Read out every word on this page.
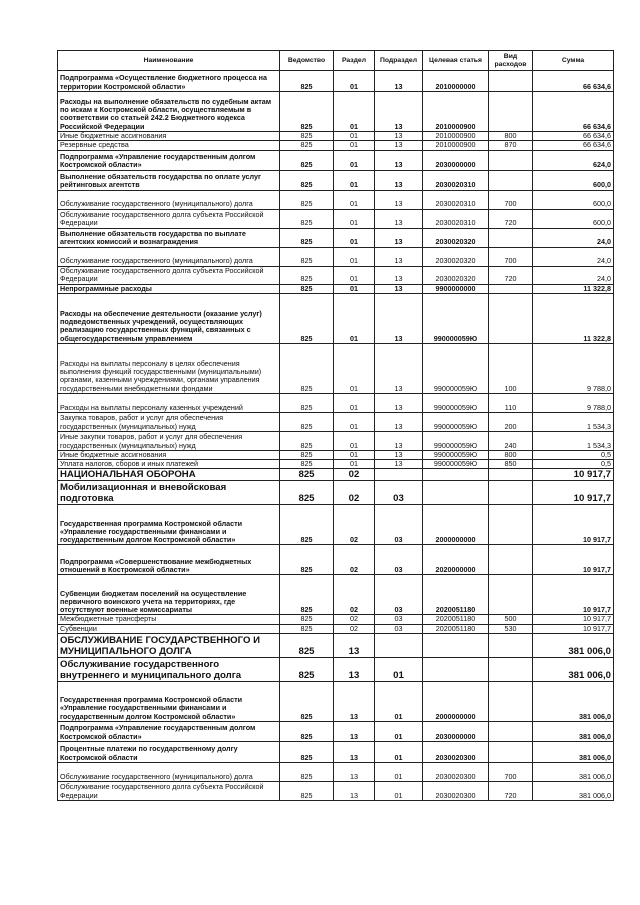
Наименование	Ведомство	Раздел	Подраздел	Целевая статья	Вид расходов	Сумма
Подпрограмма «Осуществление бюджетного процесса на территории Костромской области»	825	01	13	2010000000		66 634,6
Расходы на выполнение обязательств по судебным актам по искам к Костромской области, осуществляемым в соответствии со статьей 242.2 Бюджетного кодекса Российской Федерации	825	01	13	2010000900		66 634,6
Иные бюджетные ассигнования	825	01	13	2010000900	800	66 634,6
Резервные средства	825	01	13	2010000900	870	66 634,6
Подпрограмма «Управление государственным долгом Костромской области»	825	01	13	2030000000		624,0
Выполнение обязательств государства по оплате услуг рейтинговых агентств	825	01	13	2030020310		600,0
Обслуживание государственного (муниципального) долга	825	01	13	2030020310	700	600,0
Обслуживание государственного долга субъекта Российской Федерации	825	01	13	2030020310	720	600,0
Выполнение обязательств государства по выплате агентских комиссий и вознаграждения	825	01	13	2030020320		24,0
Обслуживание государственного (муниципального) долга	825	01	13	2030020320	700	24,0
Обслуживание государственного долга субъекта Российской Федерации	825	01	13	2030020320	720	24,0
Непрограммные расходы	825	01	13	9900000000		11 322,8
Расходы на обеспечение деятельности (оказание услуг) подведомственных учреждений, осуществляющих реализацию государственных функций, связанных с общегосударственным управлением	825	01	13	990000059Ю		11 322,8
Расходы на выплаты персоналу в целях обеспечения выполнения функций государственными (муниципальными) органами, казенными учреждениями, органами управления государственными внебюджетными фондами	825	01	13	990000059Ю	100	9 788,0
Расходы на выплаты персоналу казенных учреждений	825	01	13	990000059Ю	110	9 788,0
Закупка товаров, работ и услуг для обеспечения государственных (муниципальных) нужд	825	01	13	990000059Ю	200	1 534,3
Иные закупки товаров, работ и услуг для обеспечения государственных (муниципальных) нужд	825	01	13	990000059Ю	240	1 534,3
Иные бюджетные ассигнования	825	01	13	990000059Ю	800	0,5
Уплата налогов, сборов и иных платежей	825	01	13	990000059Ю	850	0,5
НАЦИОНАЛЬНАЯ ОБОРОНА	825	02				10 917,7
Мобилизационная и вневойсковая подготовка	825	02	03			10 917,7
Государственная программа Костромской области «Управление государственными финансами и государственным долгом Костромской области»	825	02	03	2000000000		10 917,7
Подпрограмма «Совершенствование межбюджетных отношений в Костромской области»	825	02	03	2020000000		10 917,7
Субвенции бюджетам поселений на осуществление первичного воинского учета на территориях, где отсутствуют военные комиссариаты	825	02	03	2020051180		10 917,7
Межбюджетные трансферты	825	02	03	2020051180	500	10 917,7
Субвенции	825	02	03	2020051180	530	10 917,7
ОБСЛУЖИВАНИЕ ГОСУДАРСТВЕННОГО И МУНИЦИПАЛЬНОГО ДОЛГА	825	13				381 006,0
Обслуживание государственного внутреннего и муниципального долга	825	13	01			381 006,0
Государственная программа Костромской области «Управление государственными финансами и государственным долгом Костромской области»	825	13	01	2000000000		381 006,0
Подпрограмма «Управление государственным долгом Костромской области»	825	13	01	2030000000		381 006,0
Процентные платежи по государственному долгу Костромской области	825	13	01	2030020300		381 006,0
Обслуживание государственного (муниципального) долга	825	13	01	2030020300	700	381 006,0
Обслуживание государственного долга субъекта Российской Федерации	825	13	01	2030020300	720	381 006,0
